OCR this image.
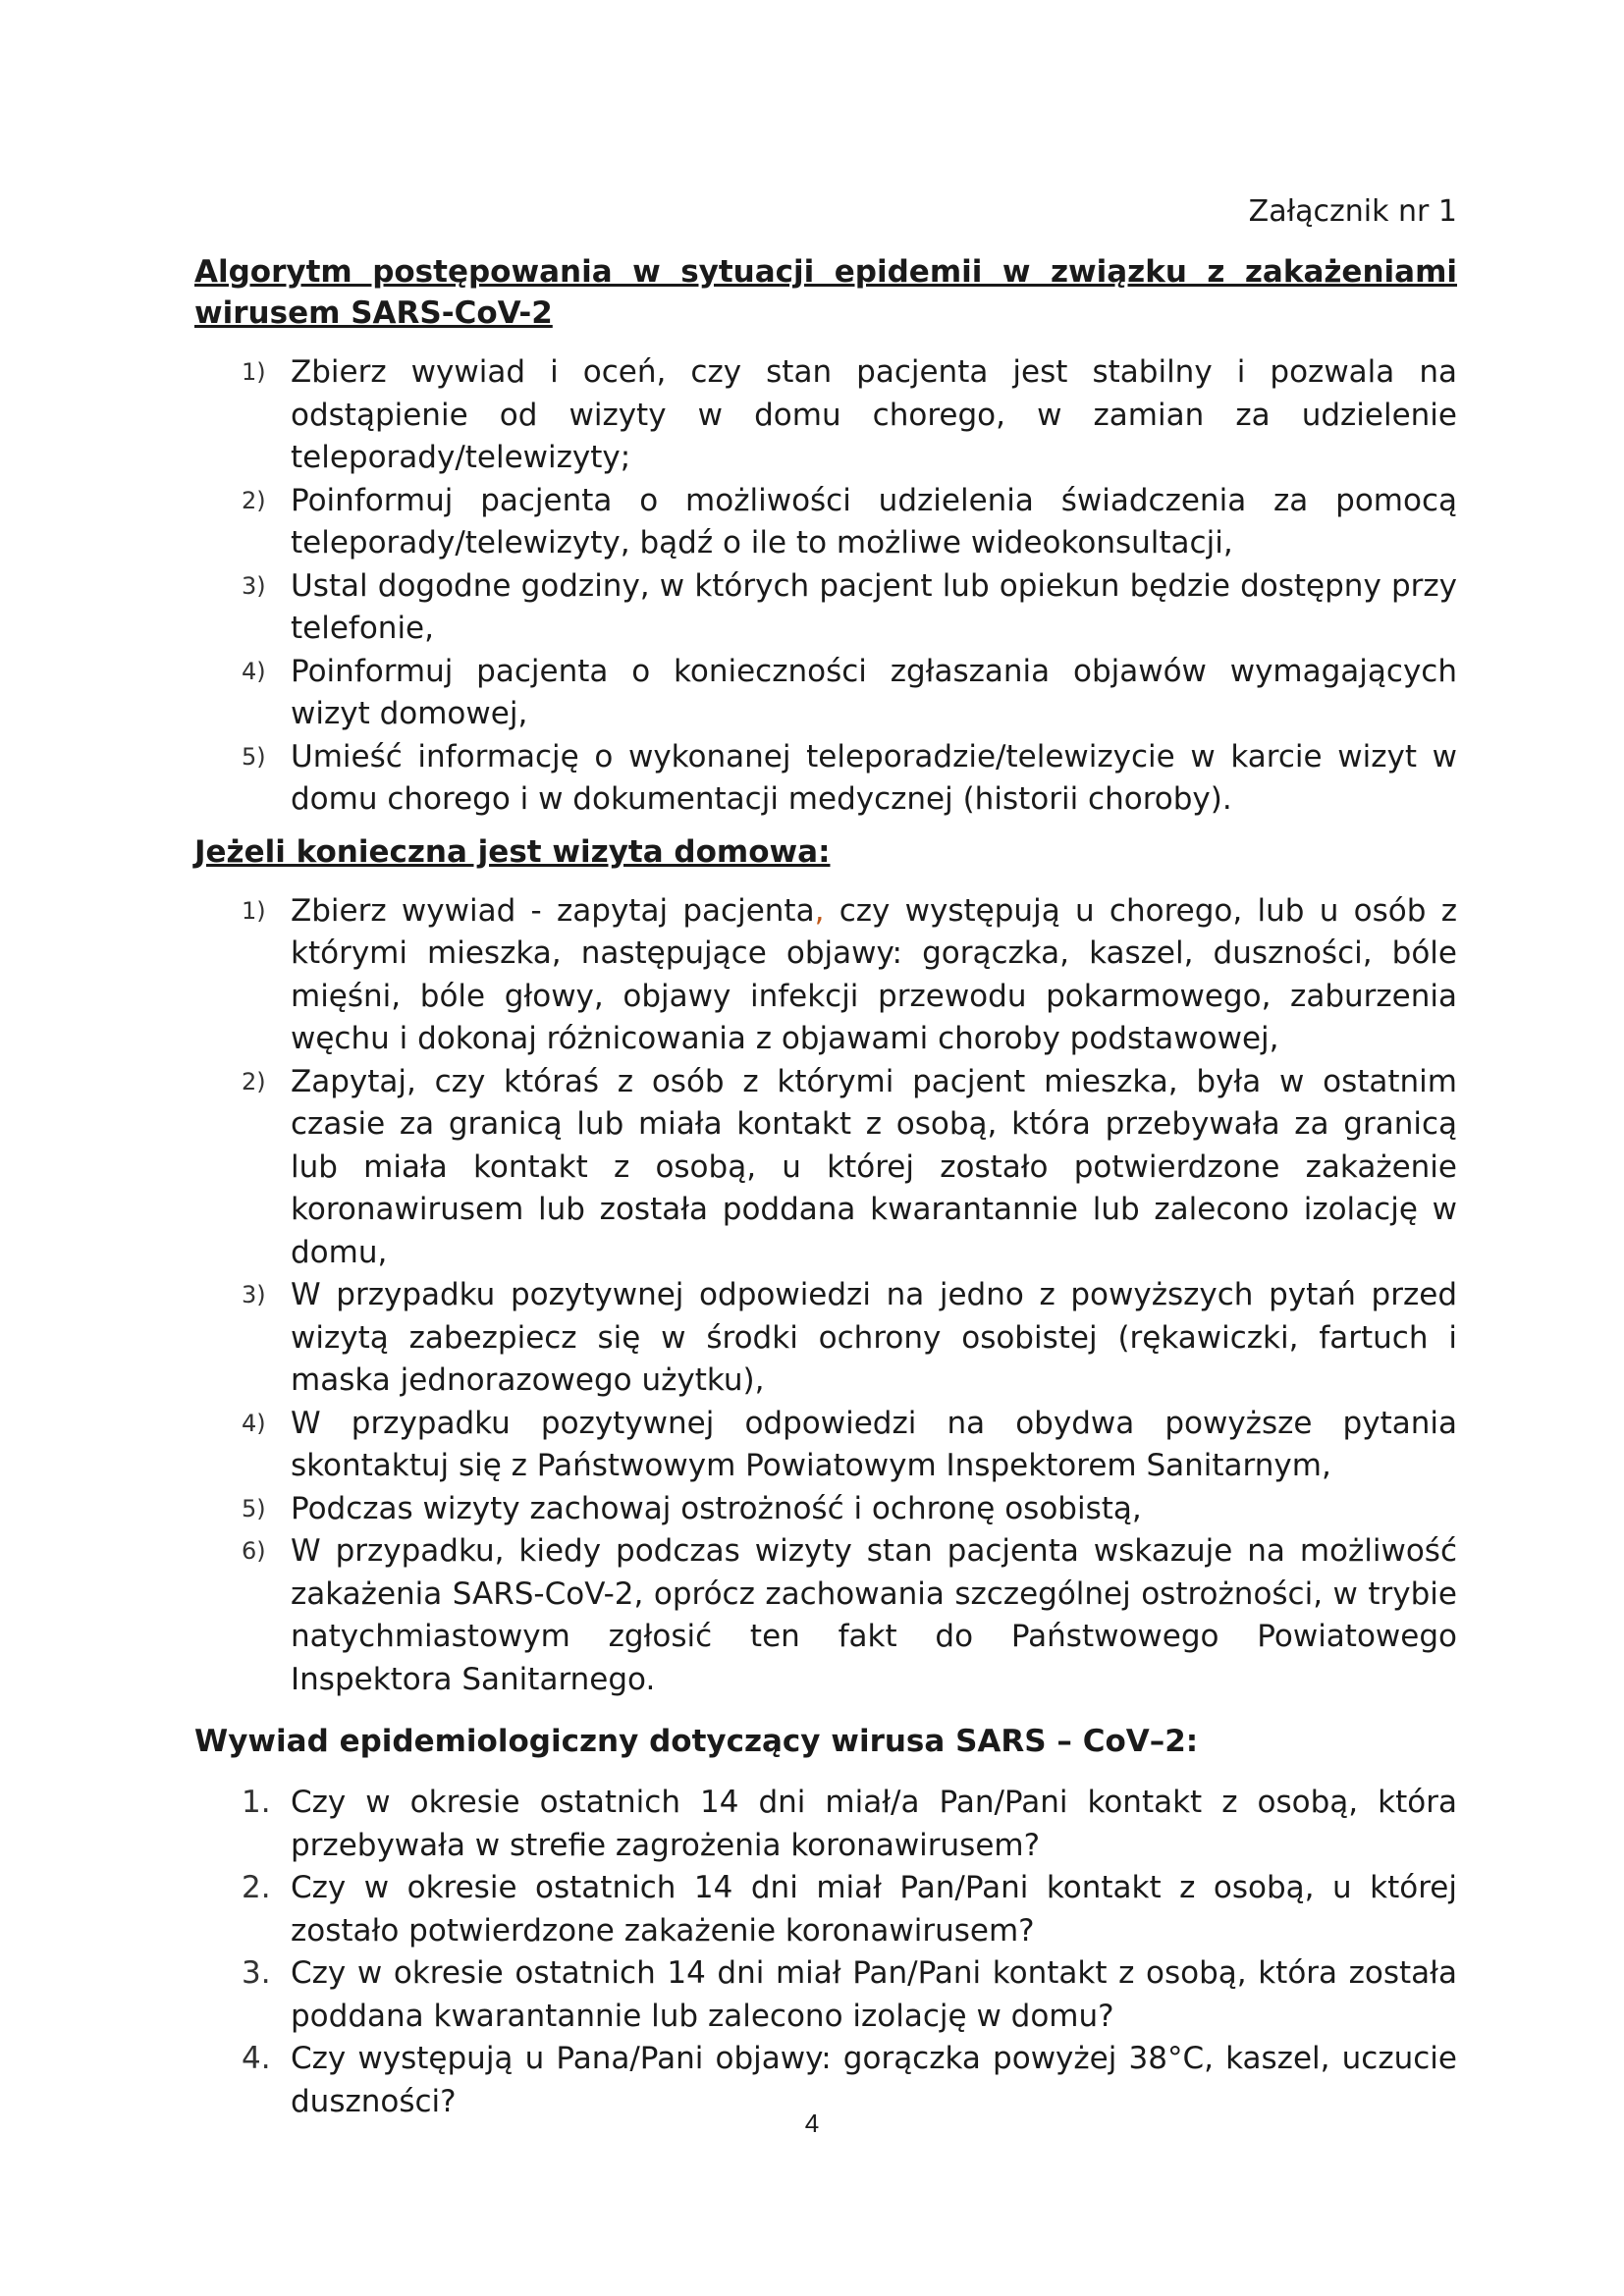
Załącznik nr 1

Algorytm postępowania w sytuacji epidemii w związku z zakażeniami wirusem SARS-CoV-2

1) Zbierz wywiad i oceń, czy stan pacjenta jest stabilny i pozwala na odstąpienie od wizyty w domu chorego, w zamian za udzielenie teleporady/telewizyty;
2) Poinformuj pacjenta o możliwości udzielenia świadczenia za pomocą teleporady/telewizyty, bądź o ile to możliwe wideokonsultacji,
3) Ustal dogodne godziny, w których pacjent lub opiekun będzie dostępny przy telefonie,
4) Poinformuj pacjenta o konieczności zgłaszania objawów wymagających wizyt domowej,
5) Umieść informację o wykonanej teleporadzie/telewizycie w karcie wizyt w domu chorego i w dokumentacji medycznej (historii choroby).

Jeżeli konieczna jest wizyta domowa:

1) Zbierz wywiad - zapytaj pacjenta, czy występują u chorego, lub u osób z którymi mieszka, następujące objawy: gorączka, kaszel, duszności, bóle mięśni, bóle głowy, objawy infekcji przewodu pokarmowego, zaburzenia węchu i dokonaj różnicowania z objawami choroby podstawowej,
2) Zapytaj, czy któraś z osób z którymi pacjent mieszka, była w ostatnim czasie za granicą lub miała kontakt z osobą, która przebywała za granicą lub miała kontakt z osobą, u której zostało potwierdzone zakażenie koronawirusem lub została poddana kwarantannie lub zalecono izolację w domu,
3) W przypadku pozytywnej odpowiedzi na jedno z powyższych pytań przed wizytą zabezpiecz się w środki ochrony osobistej (rękawiczki, fartuch i maska jednorazowego użytku),
4) W przypadku pozytywnej odpowiedzi na obydwa powyższe pytania skontaktuj się z Państwowym Powiatowym Inspektorem Sanitarnym,
5) Podczas wizyty zachowaj ostrożność i ochronę osobistą,
6) W przypadku, kiedy podczas wizyty stan pacjenta wskazuje na możliwość zakażenia SARS-CoV-2, oprócz zachowania szczególnej ostrożności, w trybie natychmiastowym zgłosić ten fakt do Państwowego Powiatowego Inspektora Sanitarnego.

Wywiad epidemiologiczny dotyczący wirusa SARS – CoV–2:

1. Czy w okresie ostatnich 14 dni miał/a Pan/Pani kontakt z osobą, która przebywała w strefie zagrożenia koronawirusem?
2. Czy w okresie ostatnich 14 dni miał Pan/Pani kontakt z osobą, u której zostało potwierdzone zakażenie koronawirusem?
3. Czy w okresie ostatnich 14 dni miał Pan/Pani kontakt z osobą, która została poddana kwarantannie lub zalecono izolację w domu?
4. Czy występują u Pana/Pani objawy: gorączka powyżej 38°C, kaszel, uczucie duszności?
4
